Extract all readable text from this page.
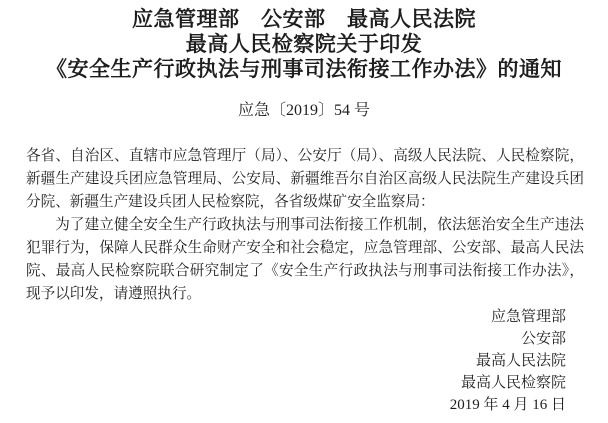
应急管理部　公安部　最高人民法院
最高人民检察院关于印发
《安全生产行政执法与刑事司法衔接工作办法》的通知
应急〔2019〕54 号

各省、自治区、直辖市应急管理厅（局）、公安厅（局）、高级人民法院、人民检察院，新疆生产建设兵团应急管理局、公安局、新疆维吾尔自治区高级人民法院生产建设兵团分院、新疆生产建设兵团人民检察院，各省级煤矿安全监察局：

为了建立健全安全生产行政执法与刑事司法衔接工作机制，依法惩治安全生产违法犯罪行为，保障人民群众生命财产安全和社会稳定，应急管理部、公安部、最高人民法院、最高人民检察院联合研究制定了《安全生产行政执法与刑事司法衔接工作办法》，现予以印发，请遵照执行。

应急管理部
公安部
最高人民法院
最高人民检察院
2019 年 4 月 16 日
